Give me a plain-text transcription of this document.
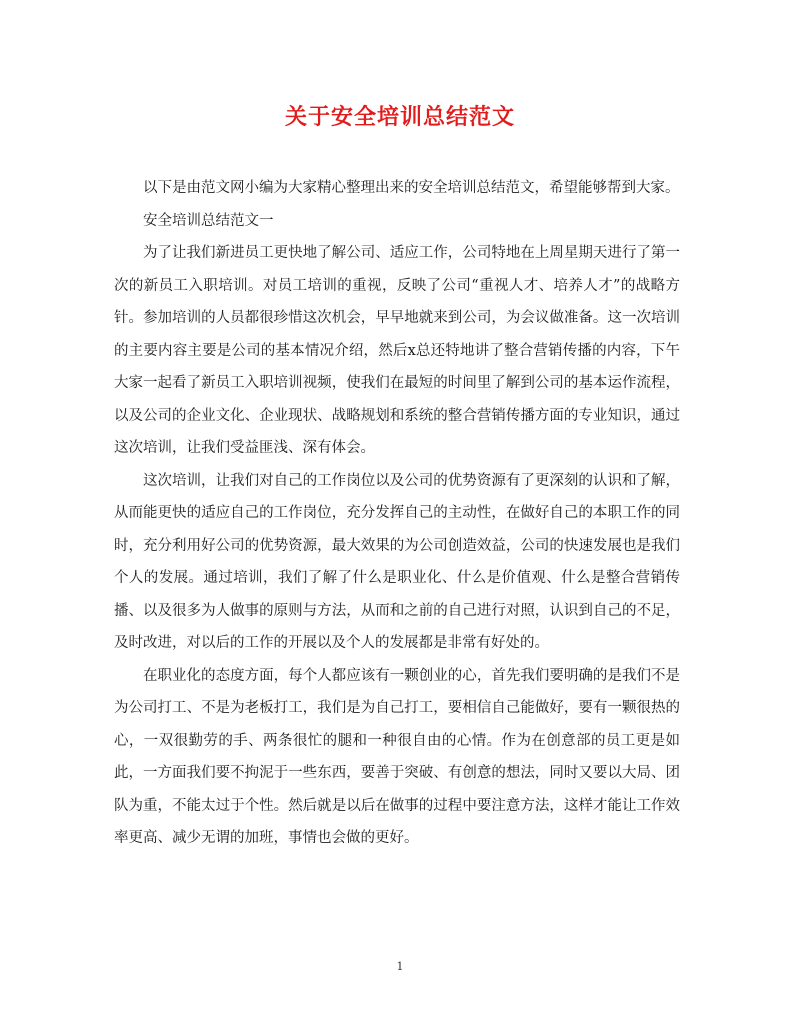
关于安全培训总结范文

以下是由范文网小编为大家精心整理出来的安全培训总结范文，希望能够帮到大家。

安全培训总结范文一

为了让我们新进员工更快地了解公司、适应工作，公司特地在上周星期天进行了第一次的新员工入职培训。对员工培训的重视，反映了公司“重视人才、培养人才”的战略方针。参加培训的人员都很珍惜这次机会，早早地就来到公司，为会议做准备。这一次培训的主要内容主要是公司的基本情况介绍，然后x总还特地讲了整合营销传播的内容，下午大家一起看了新员工入职培训视频，使我们在最短的时间里了解到公司的基本运作流程，以及公司的企业文化、企业现状、战略规划和系统的整合营销传播方面的专业知识，通过这次培训，让我们受益匪浅、深有体会。

这次培训，让我们对自己的工作岗位以及公司的优势资源有了更深刻的认识和了解，从而能更快的适应自己的工作岗位，充分发挥自己的主动性，在做好自己的本职工作的同时，充分利用好公司的优势资源，最大效果的为公司创造效益，公司的快速发展也是我们个人的发展。通过培训，我们了解了什么是职业化、什么是价值观、什么是整合营销传播、以及很多为人做事的原则与方法，从而和之前的自己进行对照，认识到自己的不足，及时改进，对以后的工作的开展以及个人的发展都是非常有好处的。

在职业化的态度方面，每个人都应该有一颗创业的心，首先我们要明确的是我们不是为公司打工、不是为老板打工，我们是为自己打工，要相信自己能做好，要有一颗很热的心，一双很勤劳的手、两条很忙的腿和一种很自由的心情。作为在创意部的员工更是如此，一方面我们要不拘泥于一些东西，要善于突破、有创意的想法，同时又要以大局、团队为重，不能太过于个性。然后就是以后在做事的过程中要注意方法，这样才能让工作效率更高、减少无谓的加班，事情也会做的更好。

1
